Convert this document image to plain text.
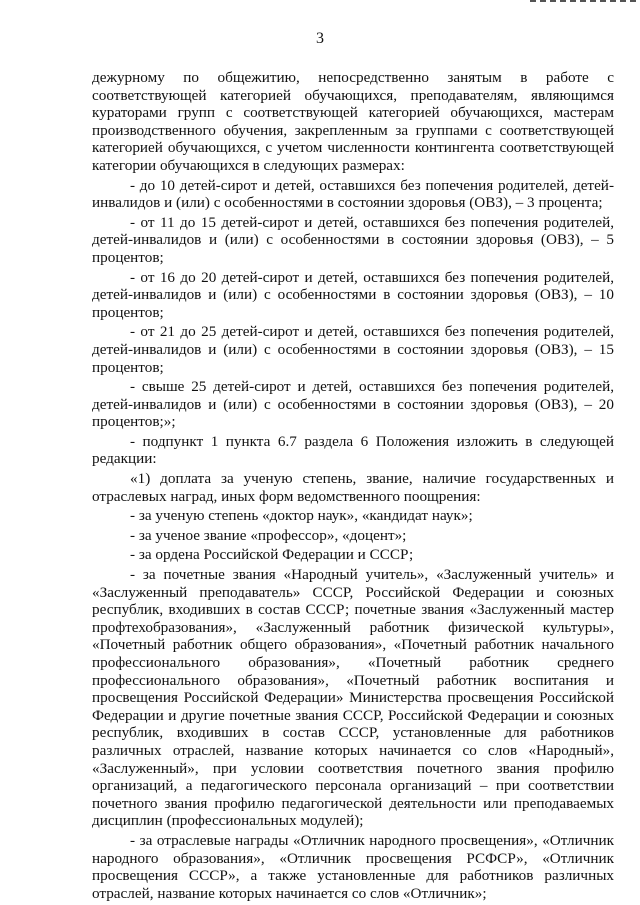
3

дежурному по общежитию, непосредственно занятым в работе с соответствующей категорией обучающихся, преподавателям, являющимся кураторами групп с соответствующей категорией обучающихся, мастерам производственного обучения, закрепленным за группами с соответствующей категорией обучающихся, с учетом численности контингента соответствующей категории обучающихся в следующих размерах:

- до 10 детей-сирот и детей, оставшихся без попечения родителей, детей-инвалидов и (или) с особенностями в состоянии здоровья (ОВЗ), – 3 процента;

- от 11 до 15 детей-сирот и детей, оставшихся без попечения родителей, детей-инвалидов и (или) с особенностями в состоянии здоровья (ОВЗ), – 5 процентов;

- от 16 до 20 детей-сирот и детей, оставшихся без попечения родителей, детей-инвалидов и (или) с особенностями в состоянии здоровья (ОВЗ), – 10 процентов;

- от 21 до 25 детей-сирот и детей, оставшихся без попечения родителей, детей-инвалидов и (или) с особенностями в состоянии здоровья (ОВЗ), – 15 процентов;

- свыше 25 детей-сирот и детей, оставшихся без попечения родителей, детей-инвалидов и (или) с особенностями в состоянии здоровья (ОВЗ), – 20 процентов;»;

- подпункт 1 пункта 6.7 раздела 6 Положения изложить в следующей редакции:

«1) доплата за ученую степень, звание, наличие государственных и отраслевых наград, иных форм ведомственного поощрения:

- за ученую степень «доктор наук», «кандидат наук»;

- за ученое звание «профессор», «доцент»;

- за ордена Российской Федерации и СССР;

- за почетные звания «Народный учитель», «Заслуженный учитель» и «Заслуженный преподаватель» СССР, Российской Федерации и союзных республик, входивших в состав СССР; почетные звания «Заслуженный мастер профтехобразования», «Заслуженный работник физической культуры», «Почетный работник общего образования», «Почетный работник начального профессионального образования», «Почетный работник среднего профессионального образования», «Почетный работник воспитания и просвещения Российской Федерации» Министерства просвещения Российской Федерации и другие почетные звания СССР, Российской Федерации и союзных республик, входивших в состав СССР, установленные для работников различных отраслей, название которых начинается со слов «Народный», «Заслуженный», при условии соответствия почетного звания профилю организаций, а педагогического персонала организаций – при соответствии почетного звания профилю педагогической деятельности или преподаваемых дисциплин (профессиональных модулей);

- за отраслевые награды «Отличник народного просвещения», «Отличник народного образования», «Отличник просвещения РСФСР», «Отличник просвещения СССР», а также установленные для работников различных отраслей, название которых начинается со слов «Отличник»;
